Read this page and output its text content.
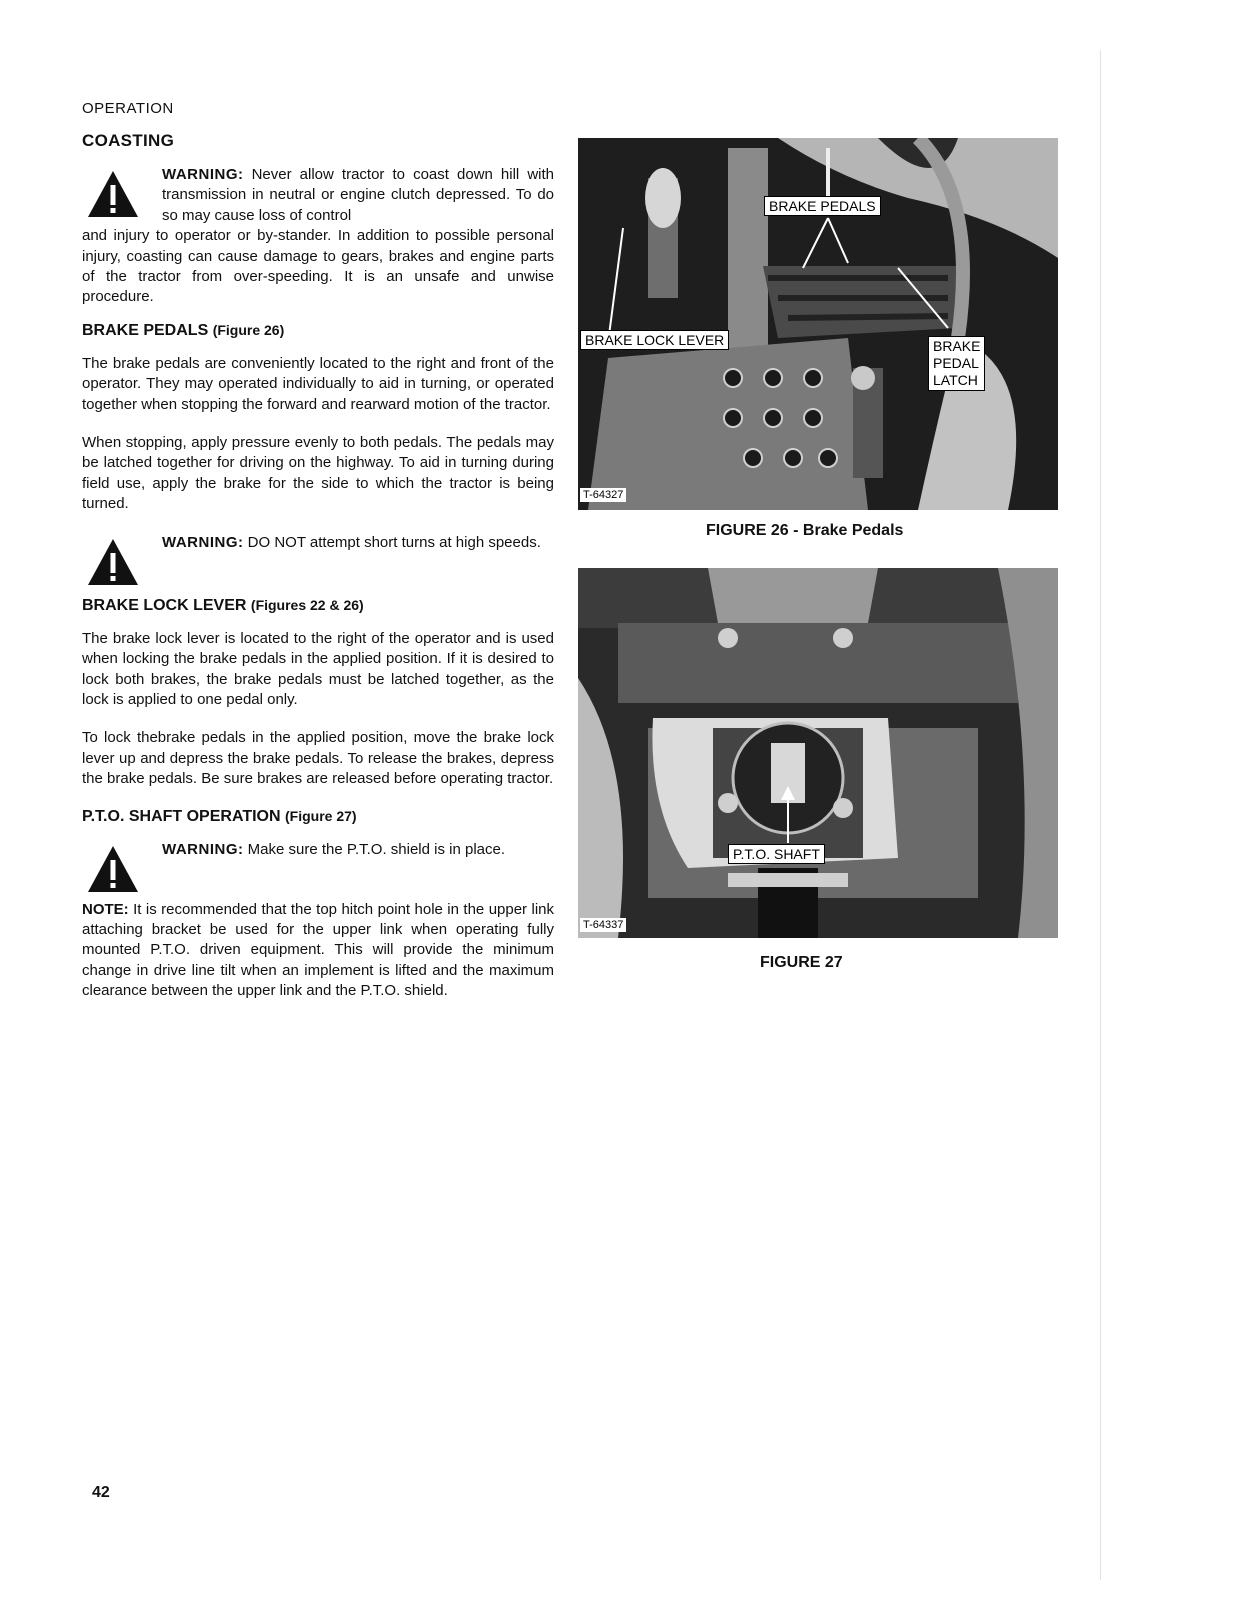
OPERATION
COASTING
WARNING: Never allow tractor to coast down hill with transmission in neutral or engine clutch depressed. To do so may cause loss of control

and injury to operator or by-stander. In addition to possible personal injury, coasting can cause damage to gears, brakes and engine parts of the tractor from over-speeding. It is an unsafe and unwise procedure.

BRAKE PEDALS (Figure 26)

The brake pedals are conveniently located to the right and front of the operator. They may operated individually to aid in turning, or operated together when stopping the forward and rearward motion of the tractor.

When stopping, apply pressure evenly to both pedals. The pedals may be latched together for driving on the highway. To aid in turning during field use, apply the brake for the side to which the tractor is being turned.

WARNING: DO NOT attempt short turns at high speeds.
BRAKE LOCK LEVER (Figures 22 & 26)

The brake lock lever is located to the right of the operator and is used when locking the brake pedals in the applied position. If it is desired to lock both brakes, the brake pedals must be latched together, as the lock is applied to one pedal only.

To lock thebrake pedals in the applied position, move the brake lock lever up and depress the brake pedals. To release the brakes, depress the brake pedals. Be sure brakes are released before operating tractor.

P.T.O. SHAFT OPERATION (Figure 27)
WARNING: Make sure the P.T.O. shield is in place.

NOTE: It is recommended that the top hitch point hole in the upper link attaching bracket be used for the upper link when operating fully mounted P.T.O. driven equipment. This will provide the minimum change in drive line tilt when an implement is lifted and the maximum clearance between the upper link and the P.T.O. shield.

BRAKE PEDALS
BRAKE LOCK LEVER	BRAKE
PEDAL
LATCH
T-64327
FIGURE 26 - Brake Pedals
P.T.O. SHAFT
T-64337
FIGURE 27
42
